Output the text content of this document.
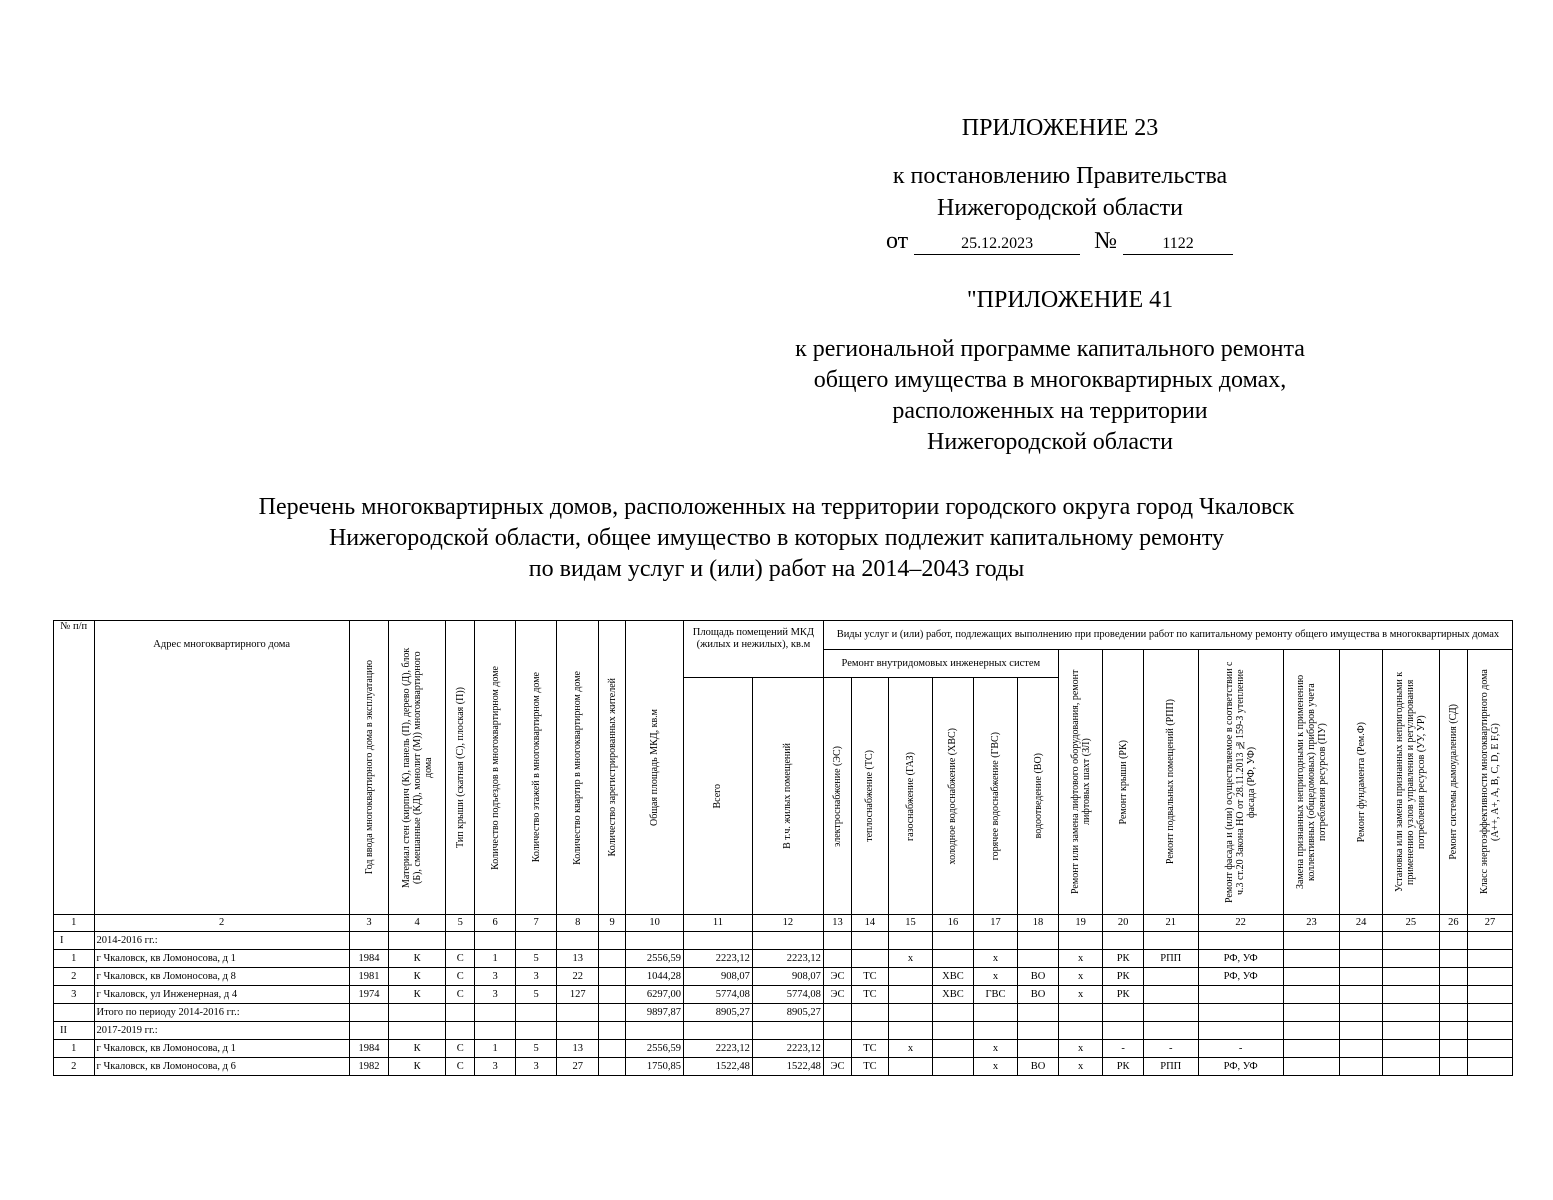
ПРИЛОЖЕНИЕ 23
к постановлению Правительства
Нижегородской области
от	25.12.2023	№	1122
"ПРИЛОЖЕНИЕ 41
к региональной программе капитального ремонта
общего имущества в многоквартирных домах,
расположенных на территории
Нижегородской области
Перечень многоквартирных домов, расположенных на территории городского округа город Чкаловск
Нижегородской области, общее имущество в которых подлежит капитальному ремонту
по видам услуг и (или) работ на 2014–2043 годы
№ п/п	Адрес многоквартирного дома	Год ввода многоквартирного дома в эксплуатацию	Материал стен (кирпич (К), панель (П), дерево (Д), блок (Б), смешанные (КД), монолит (М)) многоквартирного дома	Тип крыши (скатная (С), плоская (П))	Количество подъездов в многоквартирном доме	Количество этажей в многоквартирном доме	Количество квартир в многоквартирном доме	Количество зарегистрированных жителей	Общая площадь МКД, кв.м	Площадь помещений МКД (жилых и нежилых), кв.м		Виды услуг и (или) работ, подлежащих выполнению при проведении работ по капитальному ремонту общего имущества в многоквартирных домах														
												Ремонт внутридомовых инженерных систем						Ремонт или замена лифтового оборудования, ремонт лифтовых шахт (ЗЛ)	Ремонт крыши (РК)	Ремонт подвальных помещений (РПП)	Ремонт фасада и (или) осуществляемое в соответствии с ч.3 ст.20 Закона НО от 28.11.2013 №159-З утепление фасада (РФ, УФ)	Замена признанных непригодными к применению коллективных (общедомовых) приборов учета потребления ресурсов (ПУ)	Ремонт фундамента (Рем.Ф)	Установка или замена признанных непригодными к применению узлов управления и регулирования потребления ресурсов (УУ, УР)	Ремонт системы дымоудаления (СД)	Класс энергоэффективности многоквартирного дома (A++, A+, A, B, C, D, E F,G)

										Всего	В т.ч. жилых помещений	электроснабжение (ЭС)	теплоснабжение (ТС)	газоснабжение (ГАЗ)	холодное водоснабжение (ХВС)	горячее водоснабжение (ГВС)	водоотведение (ВО)									

1	2	3	4	5	6	7	8	9	10	11	12	13	14	15	16	17	18	19	20	21	22	23	24	25	26	27
I	2014-2016 гг.:																									
1	г Чкаловск, кв Ломоносова, д 1	1984	К	С	1	5	13		2556,59	2223,12	2223,12			х		х		х	РК	РПП	РФ, УФ					
2	г Чкаловск, кв Ломоносова, д 8	1981	К	С	3	3	22		1044,28	908,07	908,07	ЭС	ТС		ХВС	х	ВО	х	РК		РФ, УФ					
3	г Чкаловск, ул Инженерная, д 4	1974	К	С	3	5	127		6297,00	5774,08	5774,08	ЭС	ТС		ХВС	ГВС	ВО	х	РК							
	Итого по периоду 2014-2016 гг.:								9897,87	8905,27	8905,27															
II	2017-2019 гг.:																									
1	г Чкаловск, кв Ломоносова, д 1	1984	К	С	1	5	13		2556,59	2223,12	2223,12		ТС	х		х		х	-	-	-					
2	г Чкаловск, кв Ломоносова, д 6	1982	К	С	3	3	27		1750,85	1522,48	1522,48	ЭС	ТС			х	ВО	х	РК	РПП	РФ, УФ					
